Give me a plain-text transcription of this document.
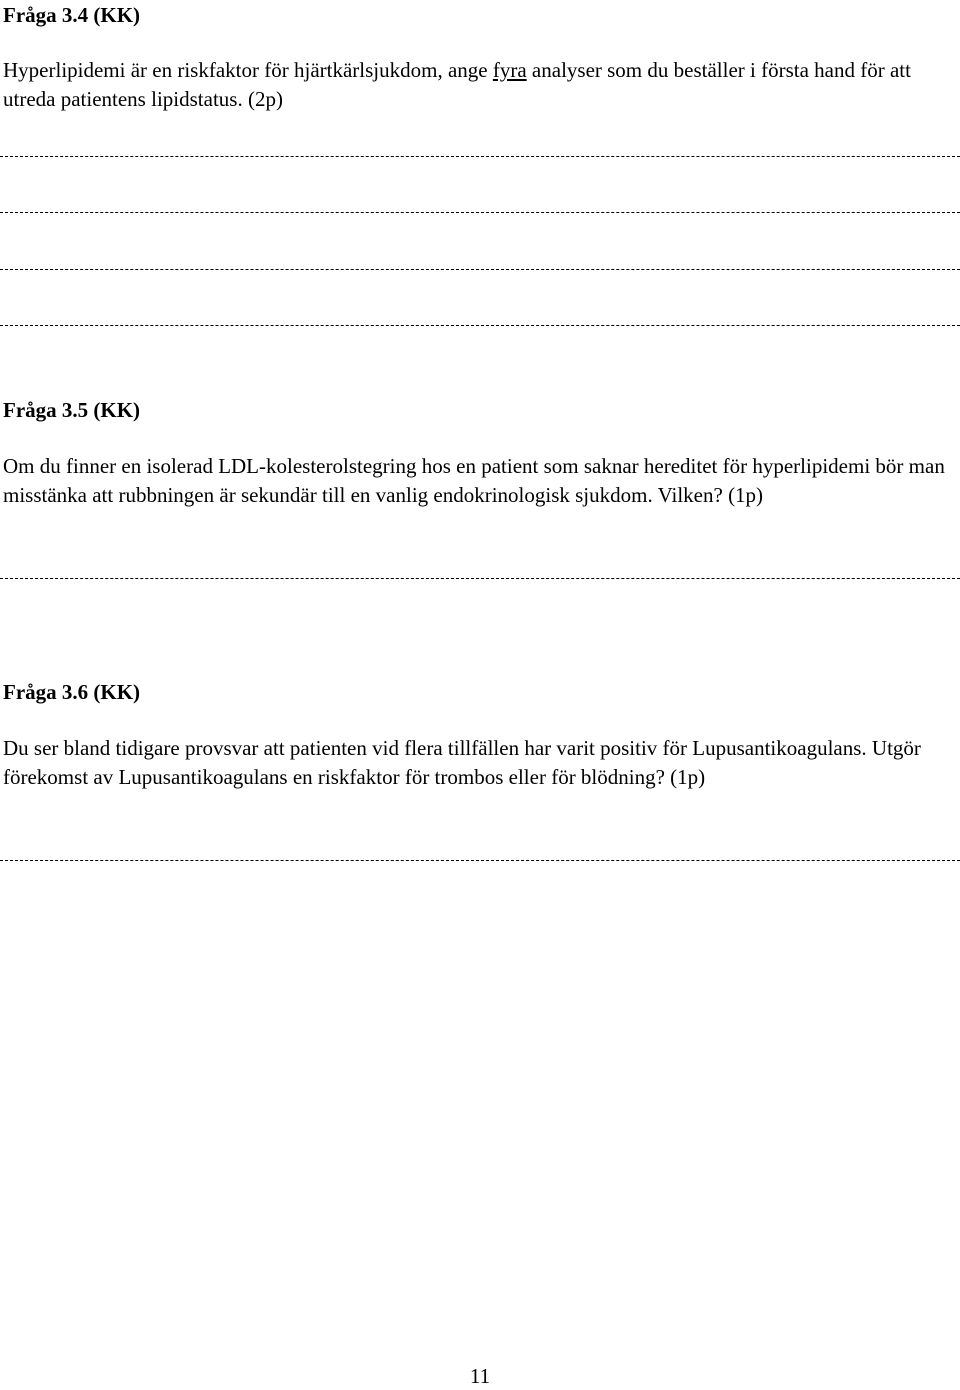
Fråga 3.4 (KK)

Hyperlipidemi är en riskfaktor för hjärtkärlsjukdom, ange fyra analyser som du beställer i första hand för att utreda patientens lipidstatus. (2p)

Fråga 3.5 (KK)

Om du finner en isolerad LDL-kolesterolstegring hos en patient som saknar hereditet för hyperlipidemi bör man misstänka att rubbningen är sekundär till en vanlig endokrinologisk sjukdom. Vilken? (1p)

Fråga 3.6 (KK)

Du ser bland tidigare provsvar att patienten vid flera tillfällen har varit positiv för Lupusantikoagulans. Utgör förekomst av Lupusantikoagulans en riskfaktor för trombos eller för blödning? (1p)

11
